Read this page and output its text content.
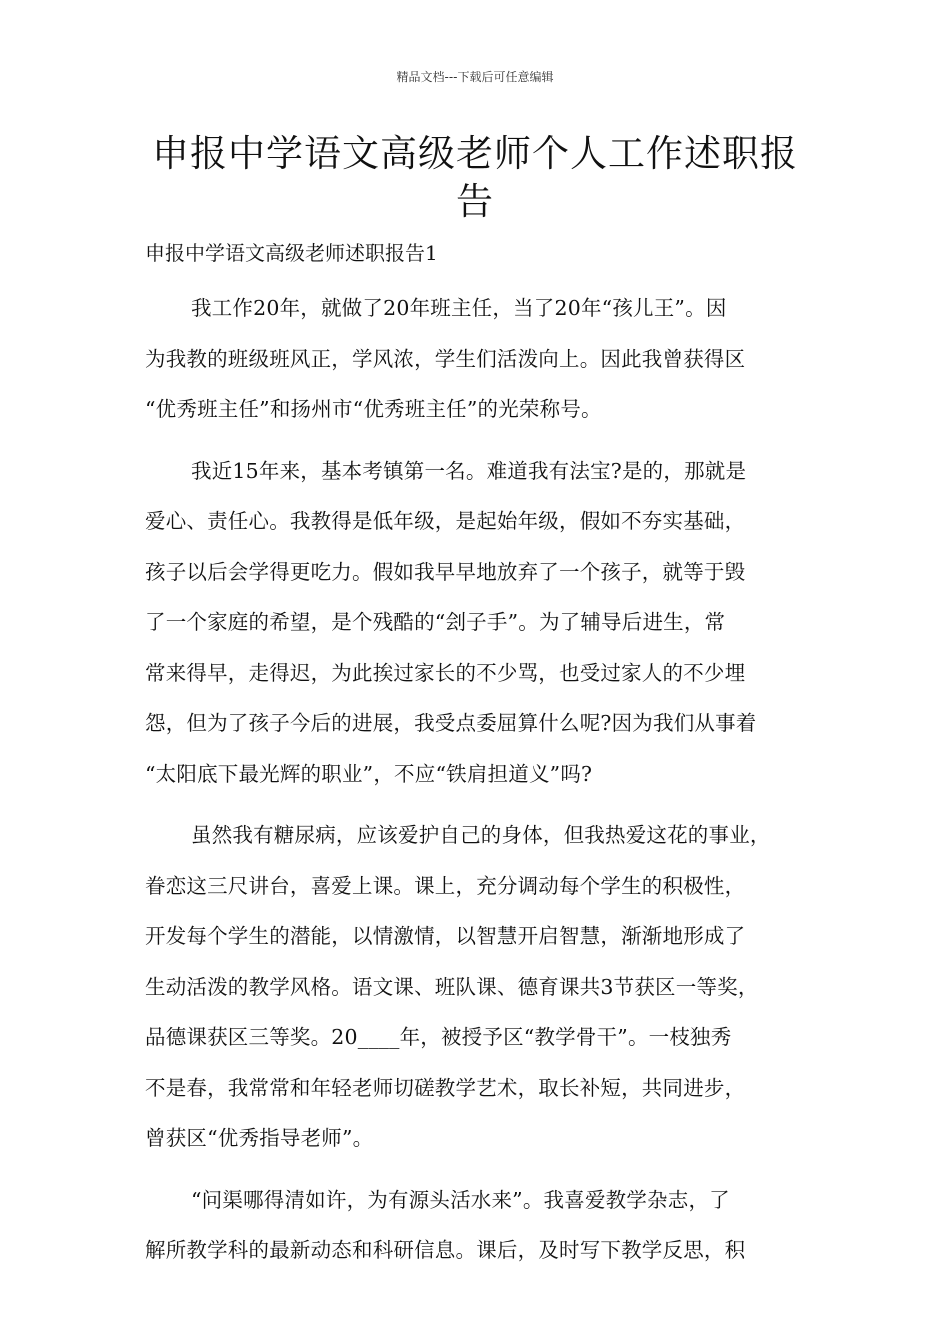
精品文档---下载后可任意编辑
申报中学语文高级老师个人工作述职报
告
申报中学语文高级老师述职报告1
我工作20年，就做了20年班主任，当了20年“孩儿王”。因
为我教的班级班风正，学风浓，学生们活泼向上。因此我曾获得区
“优秀班主任”和扬州市“优秀班主任”的光荣称号。
我近15年来，基本考镇第一名。难道我有法宝?是的，那就是
爱心、责任心。我教得是低年级，是起始年级，假如不夯实基础，
孩子以后会学得更吃力。假如我早早地放弃了一个孩子，就等于毁
了一个家庭的希望，是个残酷的“刽子手”。为了辅导后进生，常
常来得早，走得迟，为此挨过家长的不少骂，也受过家人的不少埋
怨，但为了孩子今后的进展，我受点委屈算什么呢?因为我们从事着
“太阳底下最光辉的职业”，不应“铁肩担道义”吗?
虽然我有糖尿病，应该爱护自己的身体，但我热爱这花的事业，
眷恋这三尺讲台，喜爱上课。课上，充分调动每个学生的积极性，
开发每个学生的潜能，以情激情，以智慧开启智慧，渐渐地形成了
生动活泼的教学风格。语文课、班队课、德育课共3节获区一等奖，
品德课获区三等奖。20____年，被授予区“教学骨干”。一枝独秀
不是春，我常常和年轻老师切磋教学艺术，取长补短，共同进步，
曾获区“优秀指导老师”。
“问渠哪得清如许，为有源头活水来”。我喜爱教学杂志，了
解所教学科的最新动态和科研信息。课后，及时写下教学反思，积
